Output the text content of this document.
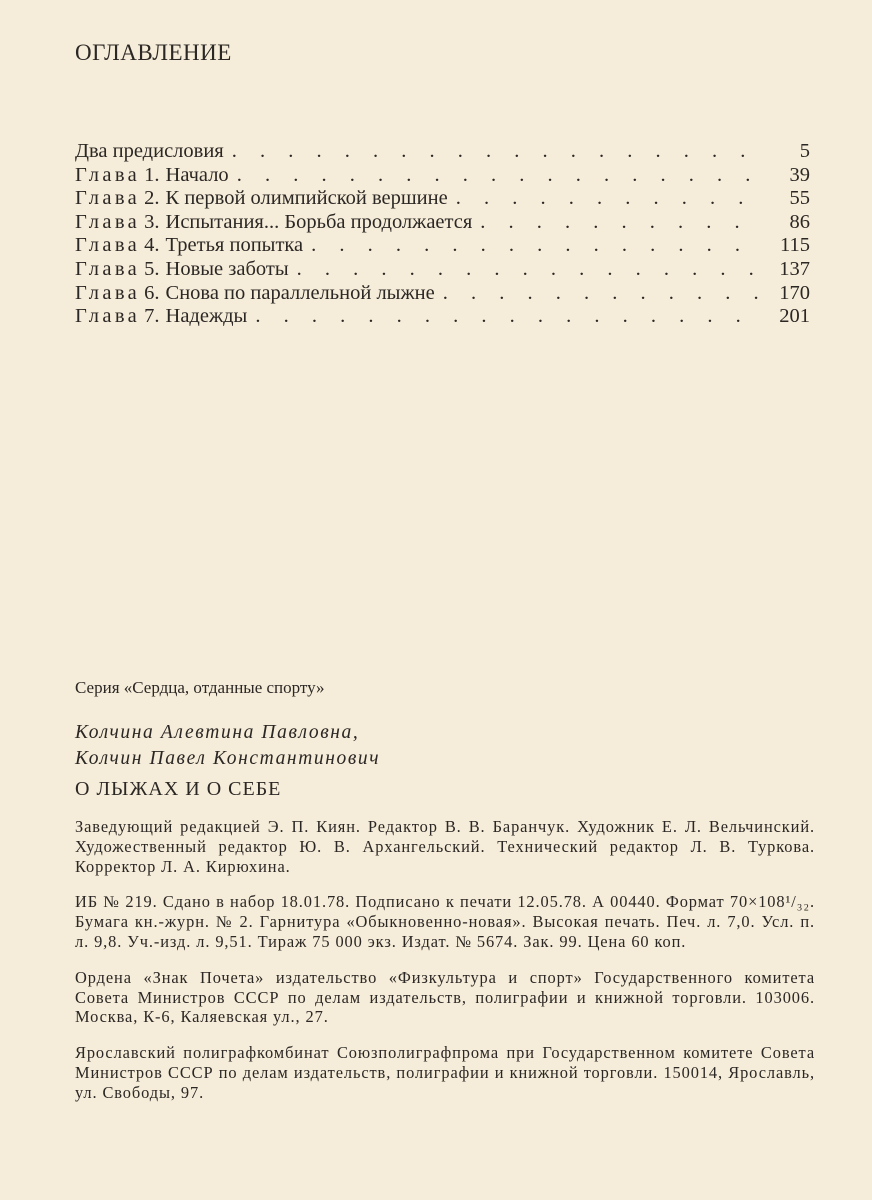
ОГЛАВЛЕНИЕ
Два предисловия . . .	5
Глава 1. Начало . . .	39
Глава 2. К первой олимпийской вершине . . .	55
Глава 3. Испытания... Борьба продолжается . . .	86
Глава 4. Третья попытка . . .	115
Глава 5. Новые заботы . . .	137
Глава 6. Снова по параллельной лыжне . . .	170
Глава 7. Надежды . . .	201
Серия «Сердца, отданные спорту»
Колчина Алевтина Павловна,
Колчин Павел Константинович
О ЛЫЖАХ И О СЕБЕ
Заведующий редакцией Э. П. Киян. Редактор В. В. Баранчук. Художник Е. Л. Вельчинский. Художественный редактор Ю. В. Архангельский. Технический редактор Л. В. Туркова. Корректор Л. А. Кирюхина.
ИБ № 219. Сдано в набор 18.01.78. Подписано к печати 12.05.78. А 00440. Формат 70×108¹/₃₂. Бумага кн.-журн. № 2. Гарнитура «Обыкновенно-новая». Высокая печать. Печ. л. 7,0. Усл. п. л. 9,8. Уч.-изд. л. 9,51. Тираж 75 000 экз. Издат. № 5674. Зак. 99. Цена 60 коп.
Ордена «Знак Почета» издательство «Физкультура и спорт» Государственного комитета Совета Министров СССР по делам издательств, полиграфии и книжной торговли. 103006. Москва, К-6, Каляевская ул., 27.
Ярославский полиграфкомбинат Союзполиграфпрома при Государственном комитете Совета Министров СССР по делам издательств, полиграфии и книжной торговли. 150014, Ярославль, ул. Свободы, 97.
